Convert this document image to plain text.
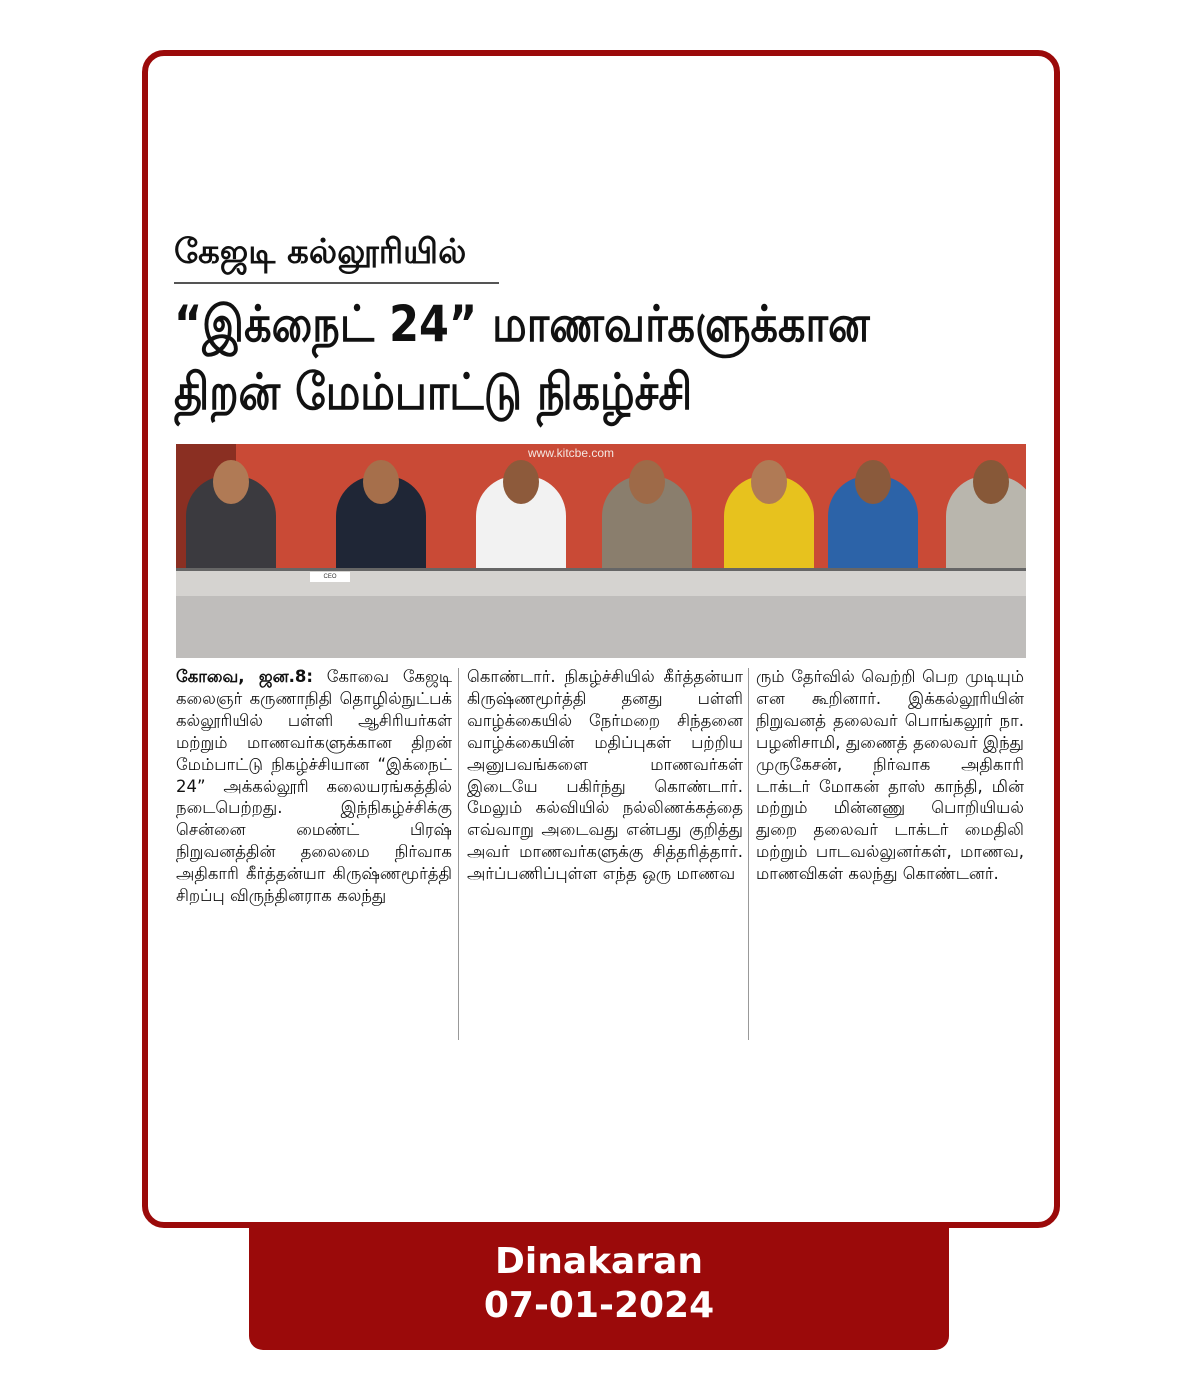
கேஜடி கல்லூரியில்
“இக்நைட் 24” மாணவர்களுக்கான
திறன் மேம்பாட்டு நிகழ்ச்சி
www.kitcbe.com
CEO
கோவை, ஜன.8: கோவை கேஜடி கலைஞர் கருணாநிதி தொழில்நுட்பக் கல்லூரியில் பள்ளி ஆசிரியர்கள் மற்றும் மாணவர்களுக்கான திறன் மேம்பாட்டு நிகழ்ச்சியான “இக்நைட் 24” அக்கல்லூரி கலையரங்கத்தில் நடைபெற்றது. இந்நிகழ்ச்சிக்கு சென்னை மைண்ட் பிரஷ் நிறுவனத்தின் தலைமை நிர்வாக அதிகாரி கீர்த்தன்யா கிருஷ்ணமூர்த்தி சிறப்பு விருந்தினராக கலந்து
கொண்டார். நிகழ்ச்சியில் கீர்த்தன்யா கிருஷ்ணமூர்த்தி தனது பள்ளி வாழ்க்கையில் நேர்மறை சிந்தனை வாழ்க்கையின் மதிப்புகள் பற்றிய அனுபவங்களை மாணவர்கள் இடையே பகிர்ந்து கொண்டார். மேலும் கல்வியில் நல்லிணக்கத்தை எவ்வாறு அடைவது என்பது குறித்து அவர் மாணவர்களுக்கு சித்தரித்தார். அர்ப்பணிப்புள்ள எந்த ஒரு மாணவ
ரும் தேர்வில் வெற்றி பெற முடியும் என கூறினார். இக்கல்லூரியின் நிறுவனத் தலைவர் பொங்கலூர் நா. பழனிசாமி, துணைத் தலைவர் இந்து முருகேசன், நிர்வாக அதிகாரி டாக்டர் மோகன் தாஸ் காந்தி, மின் மற்றும் மின்னணு பொறியியல் துறை தலைவர் டாக்டர் மைதிலி மற்றும் பாடவல்லுனர்கள், மாணவ, மாணவிகள் கலந்து கொண்டனர்.
Dinakaran
07-01-2024
